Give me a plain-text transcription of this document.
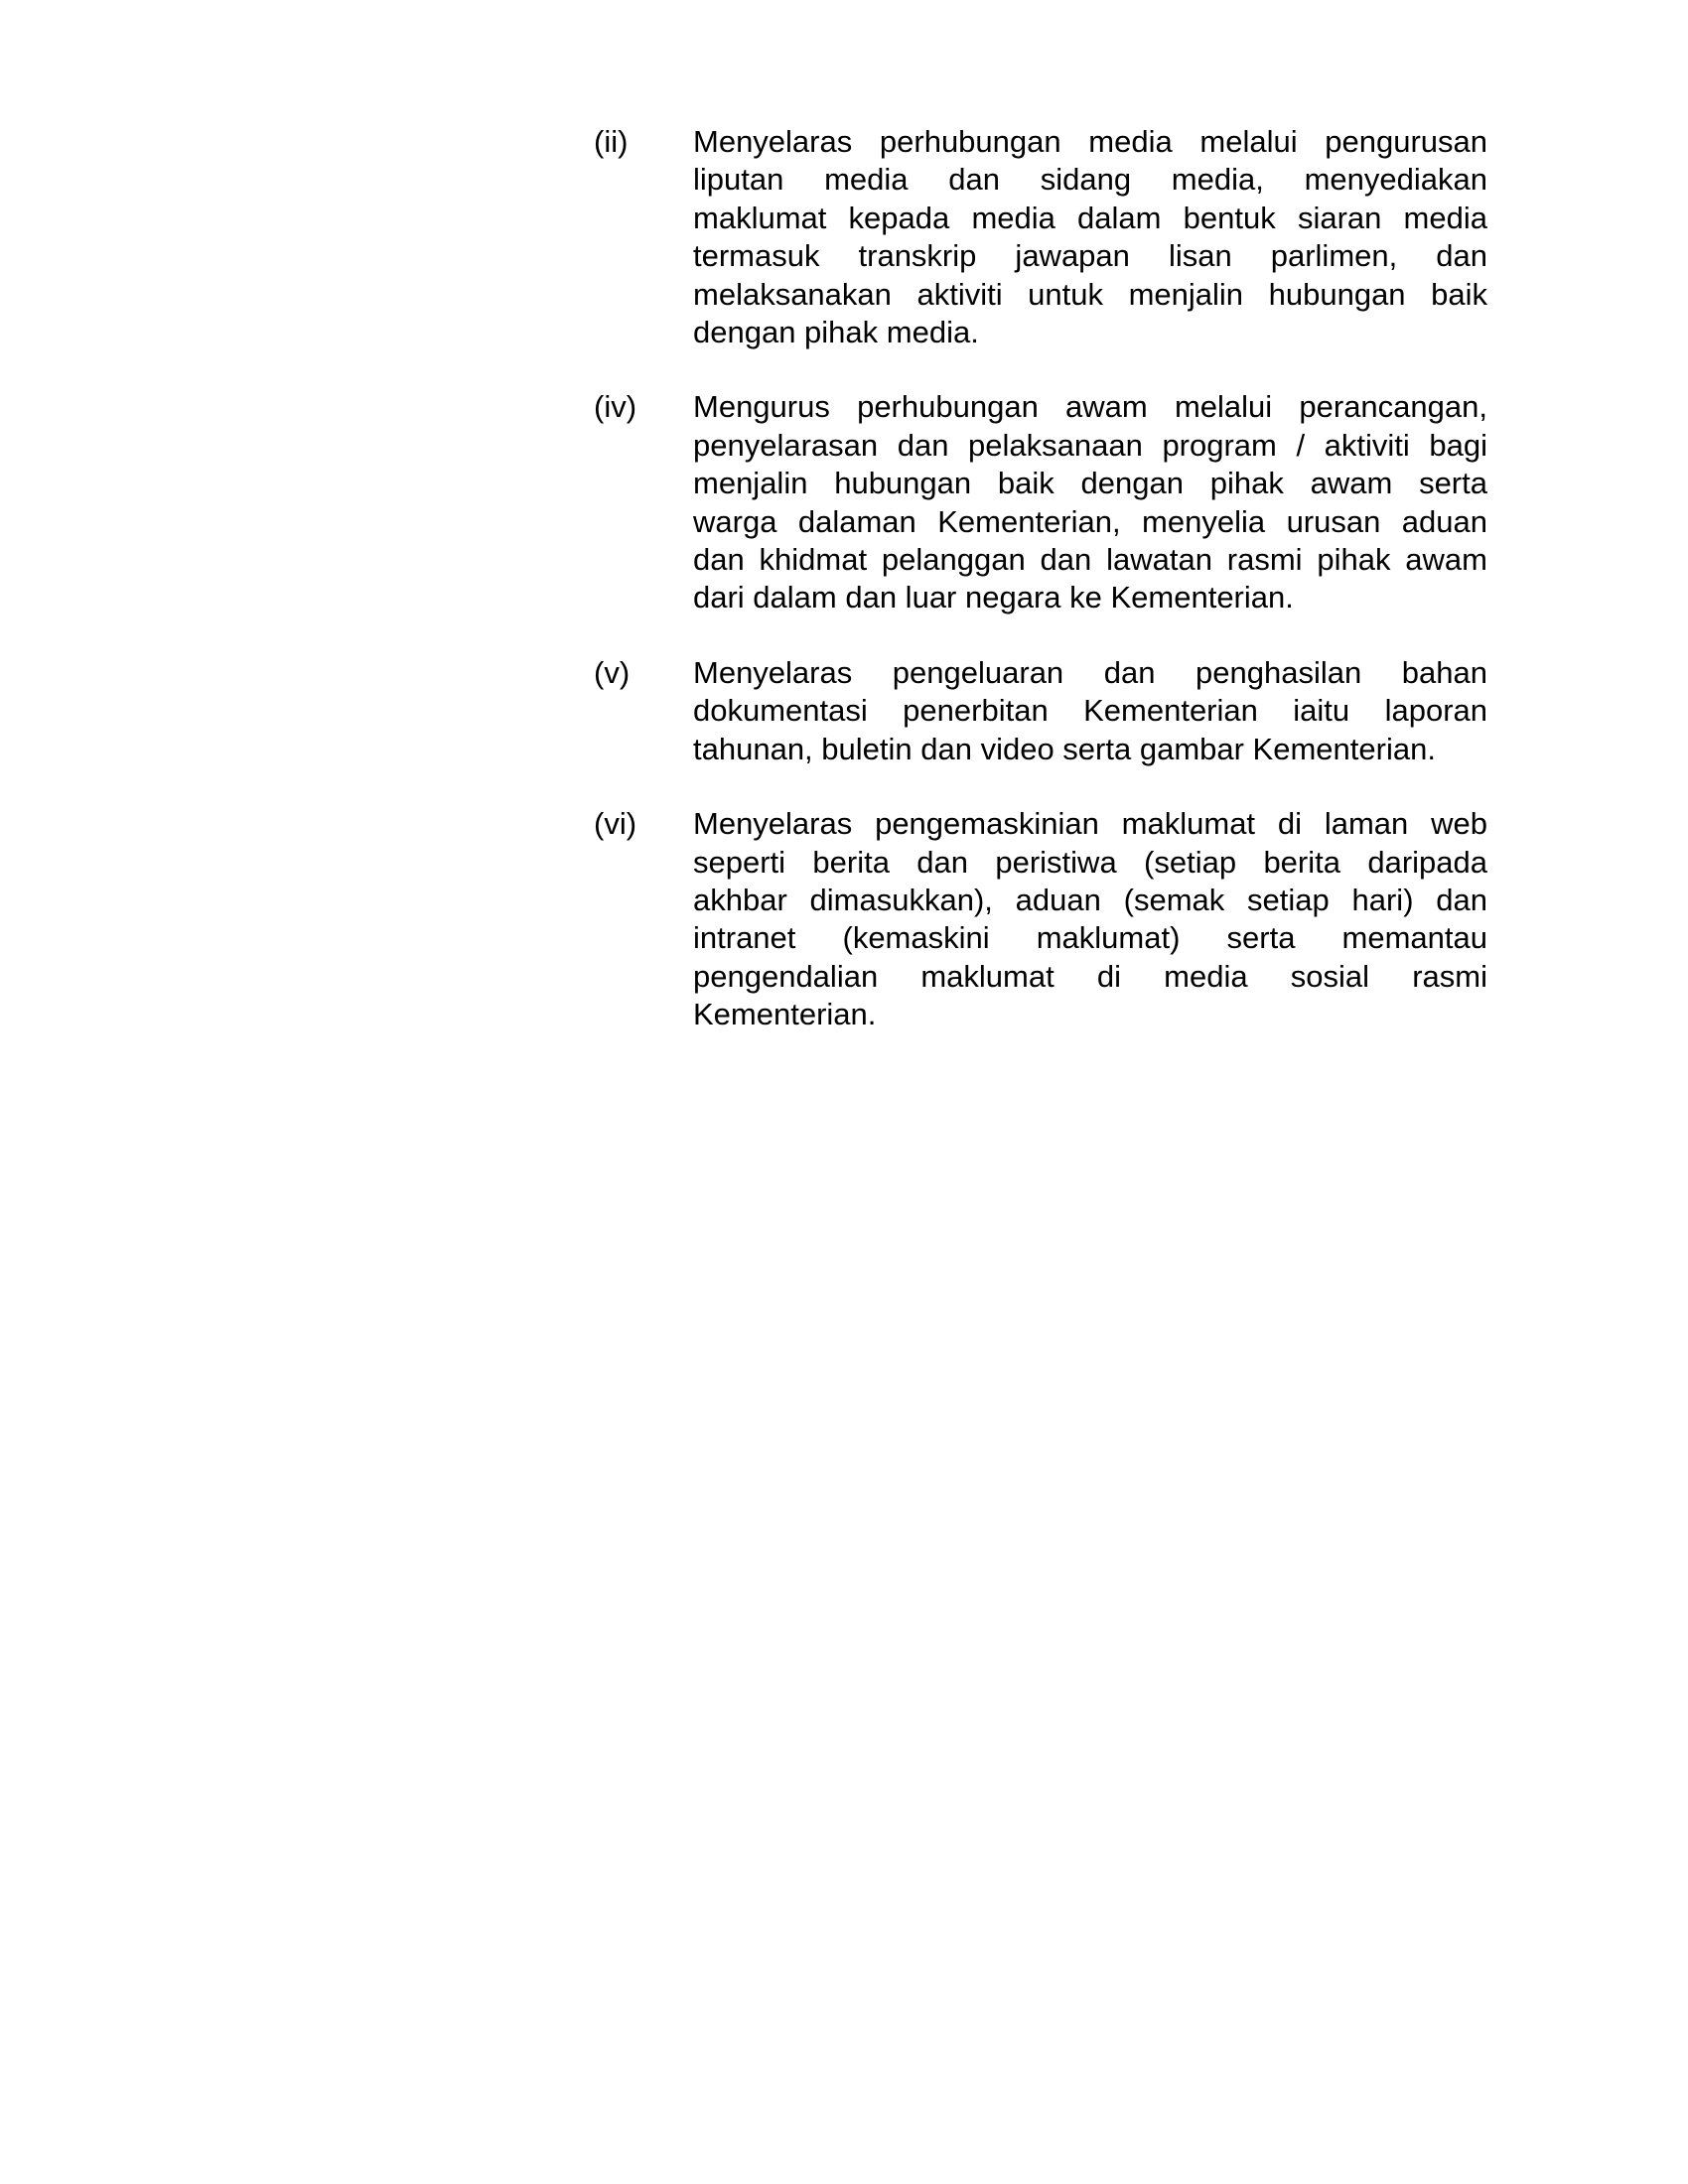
(ii)	Menyelaras perhubungan media melalui pengurusan
liputan media dan sidang media, menyediakan
maklumat kepada media dalam bentuk siaran media
termasuk transkrip jawapan lisan parlimen, dan
melaksanakan aktiviti untuk menjalin hubungan baik
dengan pihak media.
(iv)	Mengurus perhubungan awam melalui perancangan,
penyelarasan dan pelaksanaan program / aktiviti bagi
menjalin hubungan baik dengan pihak awam serta
warga dalaman Kementerian, menyelia urusan aduan
dan khidmat pelanggan dan lawatan rasmi pihak awam
dari dalam dan luar negara ke Kementerian.
(v)	Menyelaras pengeluaran dan penghasilan bahan
dokumentasi penerbitan Kementerian iaitu laporan
tahunan, buletin dan video serta gambar Kementerian.
(vi)	Menyelaras pengemaskinian maklumat di laman web
seperti berita dan peristiwa (setiap berita daripada
akhbar dimasukkan), aduan (semak setiap hari) dan
intranet (kemaskini maklumat) serta memantau
pengendalian maklumat di media sosial rasmi
Kementerian.
